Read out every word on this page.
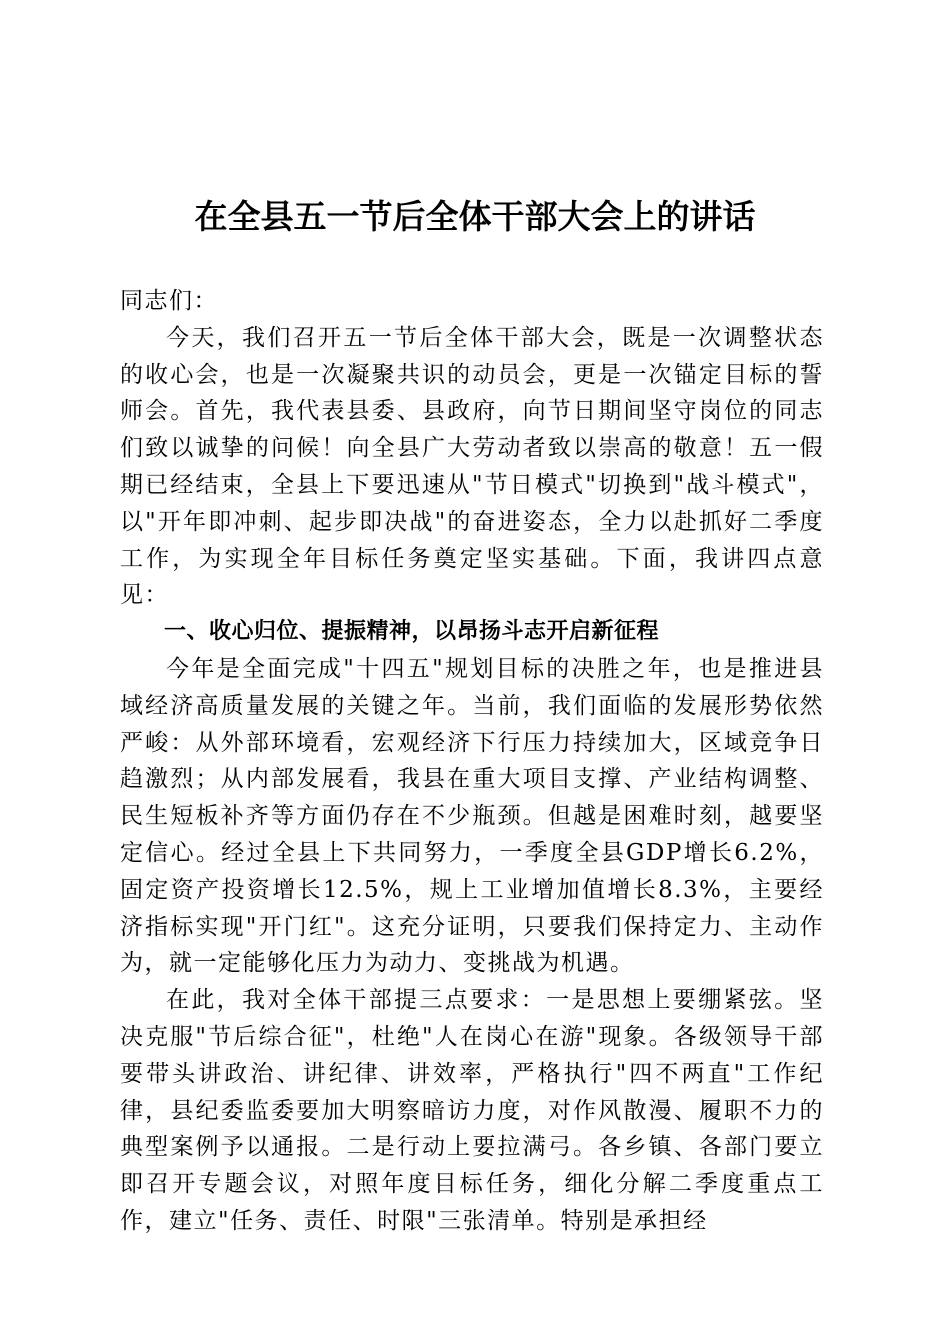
在全县五一节后全体干部大会上的讲话

同志们：

今天，我们召开五一节后全体干部大会，既是一次调整状态的收心会，也是一次凝聚共识的动员会，更是一次锚定目标的誓师会。首先，我代表县委、县政府，向节日期间坚守岗位的同志们致以诚挚的问候！向全县广大劳动者致以崇高的敬意！五一假期已经结束，全县上下要迅速从"节日模式"切换到"战斗模式"，以"开年即冲刺、起步即决战"的奋进姿态，全力以赴抓好二季度工作，为实现全年目标任务奠定坚实基础。下面，我讲四点意见：

一、收心归位、提振精神，以昂扬斗志开启新征程

今年是全面完成"十四五"规划目标的决胜之年，也是推进县域经济高质量发展的关键之年。当前，我们面临的发展形势依然严峻：从外部环境看，宏观经济下行压力持续加大，区域竞争日趋激烈；从内部发展看，我县在重大项目支撑、产业结构调整、民生短板补齐等方面仍存在不少瓶颈。但越是困难时刻，越要坚定信心。经过全县上下共同努力，一季度全县GDP增长6.2%，固定资产投资增长12.5%，规上工业增加值增长8.3%，主要经济指标实现"开门红"。这充分证明，只要我们保持定力、主动作为，就一定能够化压力为动力、变挑战为机遇。

在此，我对全体干部提三点要求：一是思想上要绷紧弦。坚决克服"节后综合征"，杜绝"人在岗心在游"现象。各级领导干部要带头讲政治、讲纪律、讲效率，严格执行"四不两直"工作纪律，县纪委监委要加大明察暗访力度，对作风散漫、履职不力的典型案例予以通报。二是行动上要拉满弓。各乡镇、各部门要立即召开专题会议，对照年度目标任务，细化分解二季度重点工作，建立"任务、责任、时限"三张清单。特别是承担经
